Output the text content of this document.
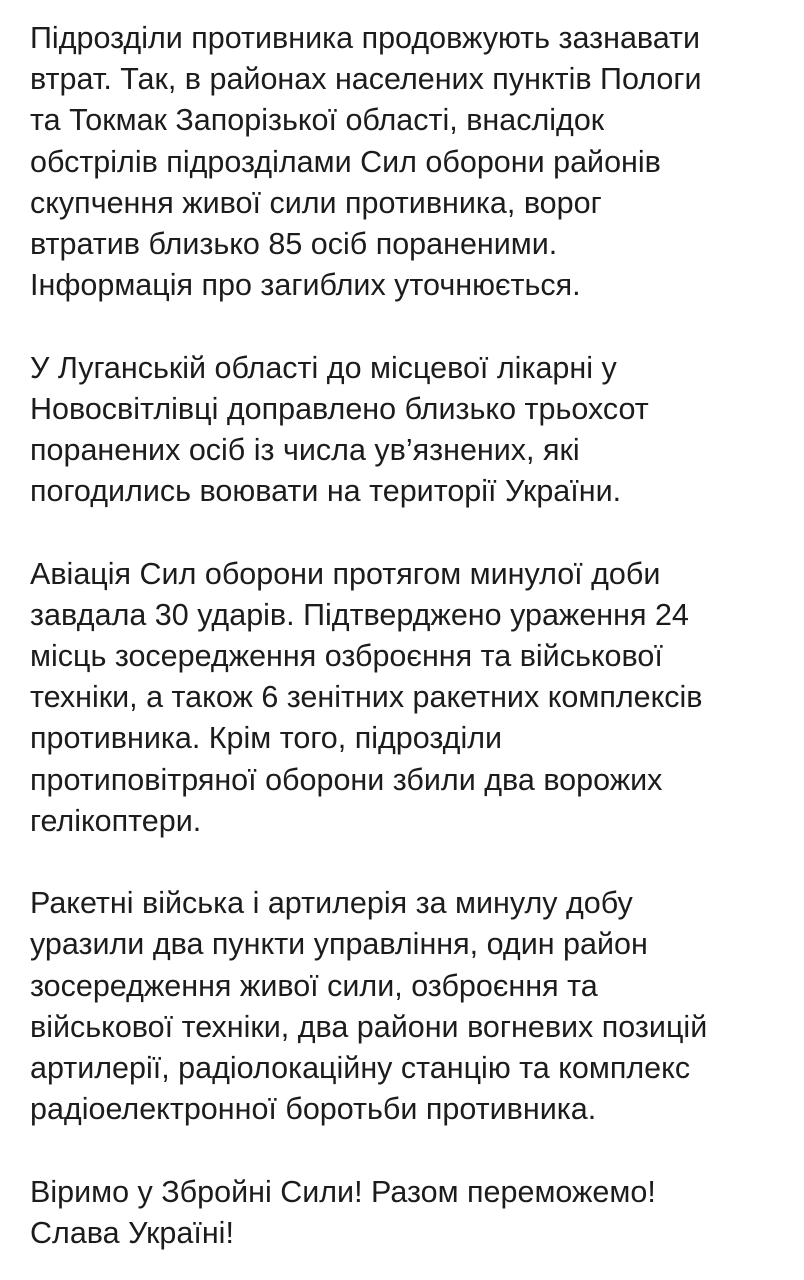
Підрозділи противника продовжують зазнавати
втрат. Так, в районах населених пунктів Пологи
та Токмак Запорізької області, внаслідок
обстрілів підрозділами Сил оборони районів
скупчення живої сили противника, ворог
втратив близько 85 осіб пораненими.
Інформація про загиблих уточнюється.

У Луганській області до місцевої лікарні у
Новосвітлівці доправлено близько трьохсот
поранених осіб із числа ув’язнених, які
погодились воювати на території України.

Авіація Сил оборони протягом минулої доби
завдала 30 ударів. Підтверджено ураження 24
місць зосередження озброєння та військової
техніки, а також 6 зенітних ракетних комплексів
противника. Крім того, підрозділи
протиповітряної оборони збили два ворожих
гелікоптери.

Ракетні війська і артилерія за минулу добу
уразили два пункти управління, один район
зосередження живої сили, озброєння та
військової техніки, два райони вогневих позицій
артилерії, радіолокаційну станцію та комплекс
радіоелектронної боротьби противника.

Віримо у Збройні Сили! Разом переможемо!
Слава Україні!
